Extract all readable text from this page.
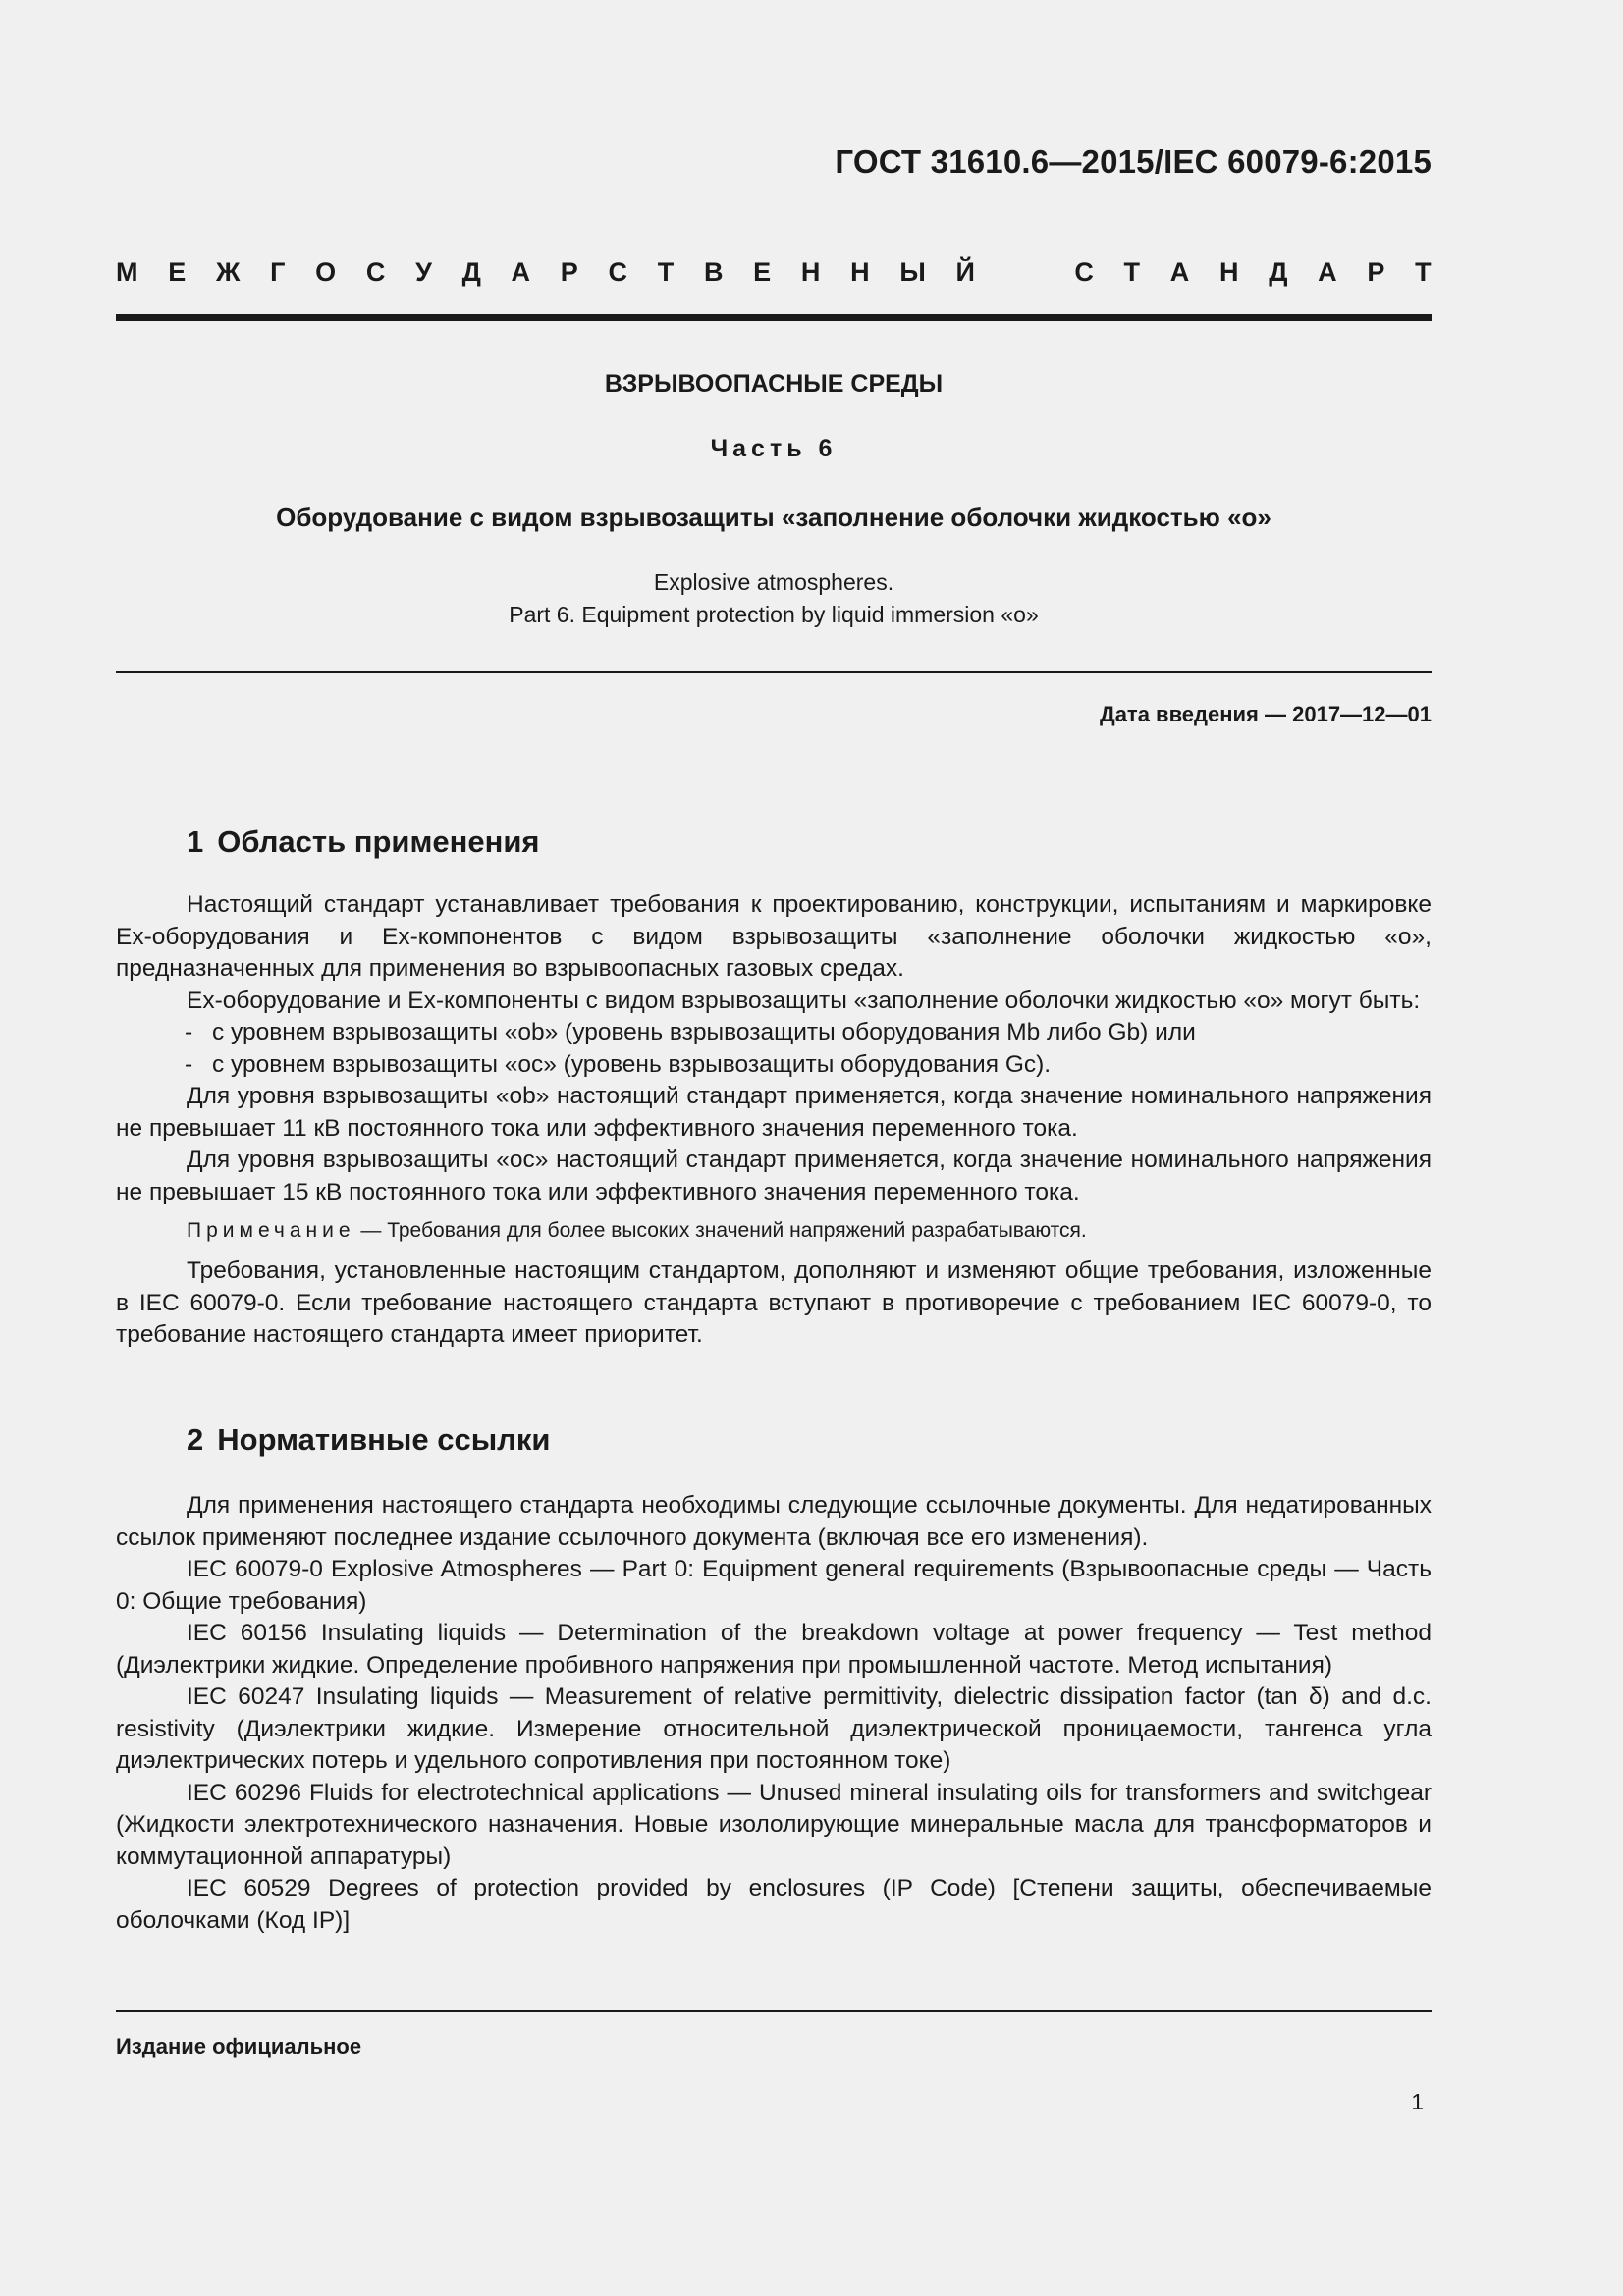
ГОСТ 31610.6—2015/IEC 60079-6:2015
М Е Ж Г О С У Д А Р С Т В Е Н Н Ы Й	С Т А Н Д А Р Т
ВЗРЫВООПАСНЫЕ СРЕДЫ
Часть 6
Оборудование с видом взрывозащиты «заполнение оболочки жидкостью «о»
Explosive atmospheres.
Part 6. Equipment protection by liquid immersion «o»
Дата введения — 2017—12—01
1 Область применения

Настоящий стандарт устанавливает требования к проектированию, конструкции, испытаниям и маркировке Ex-оборудования и Ex-компонентов с видом взрывозащиты «заполнение оболочки жидкостью «о», предназначенных для применения во взрывоопасных газовых средах.

Ex-оборудование и Ex-компоненты с видом взрывозащиты «заполнение оболочки жидкостью «о» могут быть:

- с уровнем взрывозащиты «ob» (уровень взрывозащиты оборудования Mb либо Gb) или

- с уровнем взрывозащиты «oc» (уровень взрывозащиты оборудования Gc).

Для уровня взрывозащиты «ob» настоящий стандарт применяется, когда значение номинального напряжения не превышает 11 кВ постоянного тока или эффективного значения переменного тока.

Для уровня взрывозащиты «oc» настоящий стандарт применяется, когда значение номинального напряжения не превышает 15 кВ постоянного тока или эффективного значения переменного тока.

Примечание — Требования для более высоких значений напряжений разрабатываются.

Требования, установленные настоящим стандартом, дополняют и изменяют общие требования, изложенные в IEC 60079-0. Если требование настоящего стандарта вступают в противоречие с требованием IEC 60079-0, то требование настоящего стандарта имеет приоритет.

2 Нормативные ссылки

Для применения настоящего стандарта необходимы следующие ссылочные документы. Для недатированных ссылок применяют последнее издание ссылочного документа (включая все его изменения).

IEC 60079-0 Explosive Atmospheres — Part 0: Equipment general requirements (Взрывоопасные среды — Часть 0: Общие требования)

IEC 60156 Insulating liquids — Determination of the breakdown voltage at power frequency — Test method (Диэлектрики жидкие. Определение пробивного напряжения при промышленной частоте. Метод испытания)

IEC 60247 Insulating liquids — Measurement of relative permittivity, dielectric dissipation factor (tan δ) and d.c. resistivity (Диэлектрики жидкие. Измерение относительной диэлектрической проницаемости, тангенса угла диэлектрических потерь и удельного сопротивления при постоянном токе)

IEC 60296 Fluids for electrotechnical applications — Unused mineral insulating oils for transformers and switchgear (Жидкости электротехнического назначения. Новые изололирующие минеральные масла для трансформаторов и коммутационной аппаратуры)

IEC 60529 Degrees of protection provided by enclosures (IP Code) [Степени защиты, обеспечиваемые оболочками (Код IP)]

Издание официальное
1
